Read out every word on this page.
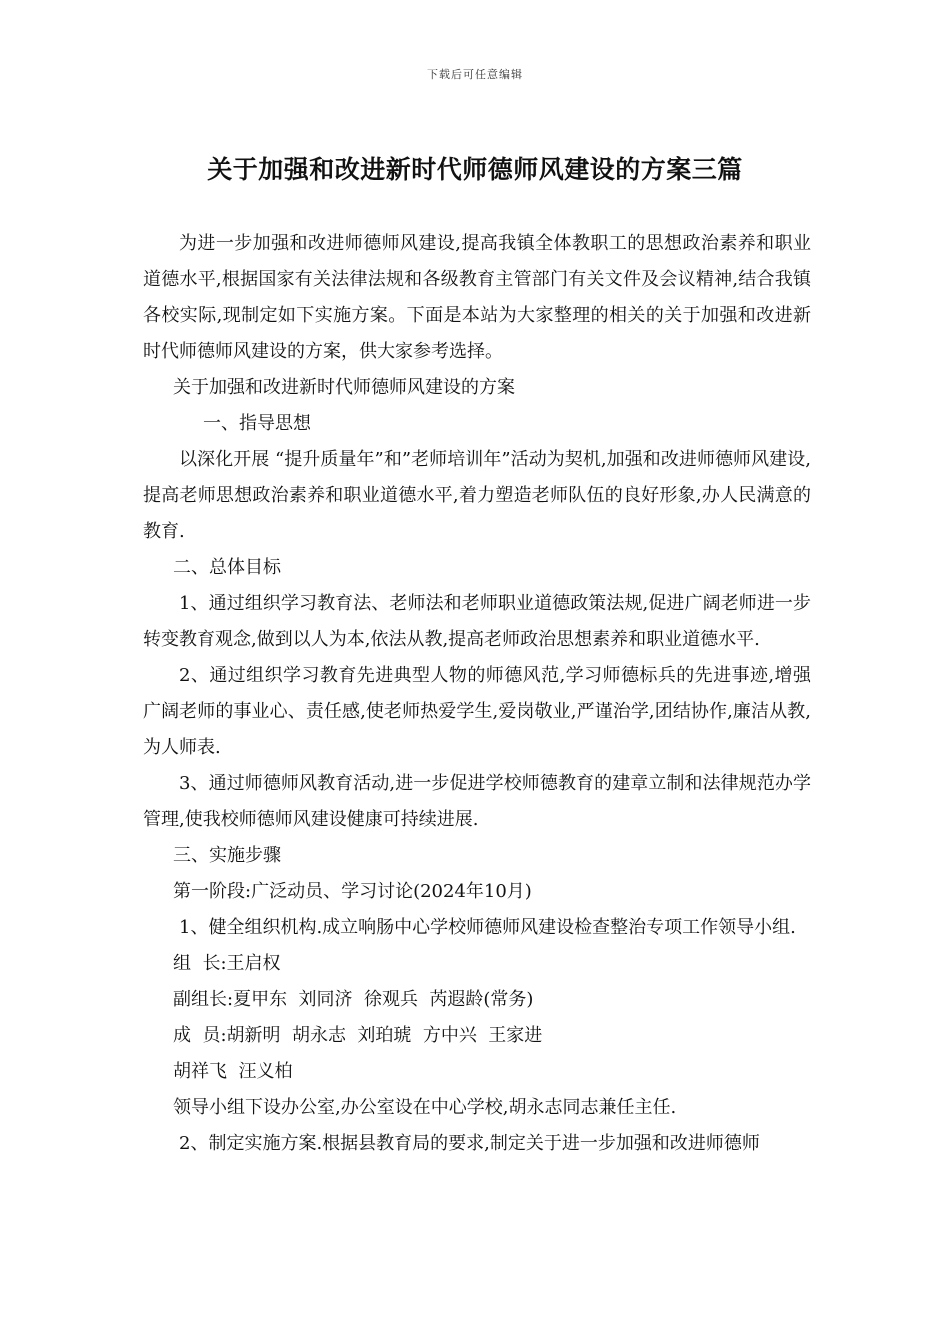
下载后可任意编辑
关于加强和改进新时代师德师风建设的方案三篇

为进一步加强和改进师德师风建设,提高我镇全体教职工的思想政治素养和职业道德水平,根据国家有关法律法规和各级教育主管部门有关文件及会议精神,结合我镇各校实际,现制定如下实施方案。下面是本站为大家整理的相关的关于加强和改进新时代师德师风建设的方案，供大家参考选择。

关于加强和改进新时代师德师风建设的方案

一、指导思想

以深化开展 “提升质量年”和”老师培训年”活动为契机,加强和改进师德师风建设,提高老师思想政治素养和职业道德水平,着力塑造老师队伍的良好形象,办人民满意的教育.

二、总体目标

1、通过组织学习教育法、老师法和老师职业道德政策法规,促进广阔老师进一步转变教育观念,做到以人为本,依法从教,提高老师政治思想素养和职业道德水平.

2、通过组织学习教育先进典型人物的师德风范,学习师德标兵的先进事迹,增强广阔老师的事业心、责任感,使老师热爱学生,爱岗敬业,严谨治学,团结协作,廉洁从教,为人师表.

3、通过师德师风教育活动,进一步促进学校师德教育的建章立制和法律规范办学管理,使我校师德师风建设健康可持续进展.

三、实施步骤

第一阶段:广泛动员、学习讨论(2024年10月)

1、健全组织机构.成立响肠中心学校师德师风建设检查整治专项工作领导小组.

组  长:王启权

副组长:夏甲东  刘同济  徐观兵  芮遐龄(常务)

成  员:胡新明  胡永志  刘珀琥  方中兴  王家进

胡祥飞  汪义柏

领导小组下设办公室,办公室设在中心学校,胡永志同志兼任主任.

2、制定实施方案.根据县教育局的要求,制定关于进一步加强和改进师德师
